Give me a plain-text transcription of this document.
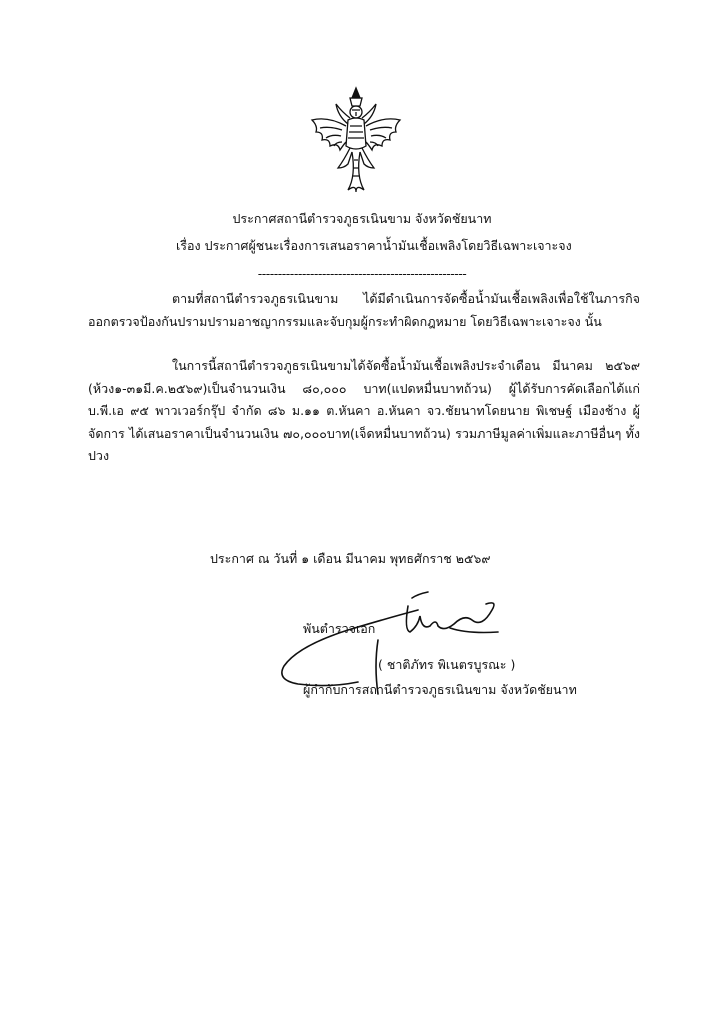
ประกาศสถานีตำรวจภูธรเนินขาม จังหวัดชัยนาท
เรื่อง ประกาศผู้ชนะเรื่องการเสนอราคาน้ำมันเชื้อเพลิงโดยวิธีเฉพาะเจาะจง
----------------------------------------------------
ตามที่สถานีตำรวจภูธรเนินขาม ได้มีดำเนินการจัดซื้อน้ำมันเชื้อเพลิงเพื่อใช้ในภารกิจออกตรวจป้องกันปรามปรามอาชญากรรมและจับกุมผู้กระทำผิดกฎหมาย โดยวิธีเฉพาะเจาะจง นั้น
ในการนี้สถานีตำรวจภูธรเนินขามได้จัดซื้อน้ำมันเชื้อเพลิงประจำเดือน มีนาคม ๒๕๖๙ (ห้วง๑-๓๑มี.ค.๒๕๖๙)เป็นจำนวนเงิน ๘๐,๐๐๐ บาท(แปดหมื่นบาทถ้วน) ผู้ได้รับการคัดเลือกได้แก่ บ.พี.เอ ๙๕ พาวเวอร์กรุ๊ป จำกัด ๘๖ ม.๑๑ ต.หันคา อ.หันคา จว.ชัยนาทโดยนาย พิเชษฐ์ เมืองช้าง ผู้จัดการ ได้เสนอราคาเป็นจำนวนเงิน ๗๐,๐๐๐บาท(เจ็ดหมื่นบาทถ้วน) รวมภาษีมูลค่าเพิ่มและภาษีอื่นๆ ทั้งปวง
ประกาศ ณ วันที่ ๑ เดือน มีนาคม พุทธศักราช ๒๕๖๙
พันตำรวจเอก
( ชาติภัทร พิเนตรบูรณะ )
ผู้กำกับการสถานีตำรวจภูธรเนินขาม จังหวัดชัยนาท
